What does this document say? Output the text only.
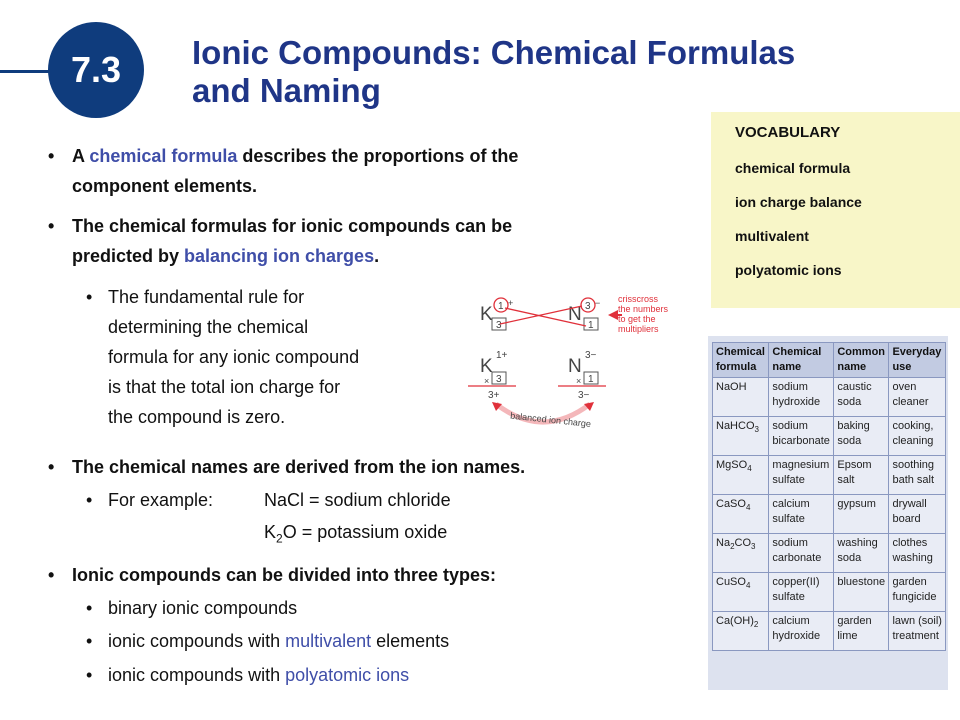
7.3 Ionic Compounds: Chemical Formulas
and Naming
VOCABULARY
chemical formula
ion charge balance
multivalent
polyatomic ions
• A chemical formula describes the proportions of the
component elements.
• The chemical formulas for ionic compounds can be
predicted by balancing ion charges.
• The fundamental rule for
determining the chemical
formula for any ionic compound
is that the total ion charge for
the compound is zero.
K 1 +
3
N 3 −
1
crisscross the numbers to get the multipliers
K
1+
× 3
3+
N
3−
× 1
3−
balanced ion charge
• The chemical names are derived from the ion names.
• For example:	NaCl = sodium chloride
$K_2O$ = potassium oxide
• Ionic compounds can be divided into three types:
• binary ionic compounds
• ionic compounds with multivalent elements
• ionic compounds with polyatomic ions
Chemical formula	Chemical name	Common name	Everyday use
NaOH	sodium hydroxide	caustic soda	oven cleaner
NaHCO$_3$	sodium bicarbonate	baking soda	cooking, cleaning
MgSO$_4$	magnesium sulfate	Epsom salt	soothing bath salt
CaSO$_4$	calcium sulfate	gypsum	drywall board
$Na_2CO_3$	sodium carbonate	washing soda	clothes washing
CuSO$_4$	copper(II) sulfate	bluestone	garden fungicide
$Ca(OH)_2$	calcium hydroxide	garden lime	lawn (soil) treatment
